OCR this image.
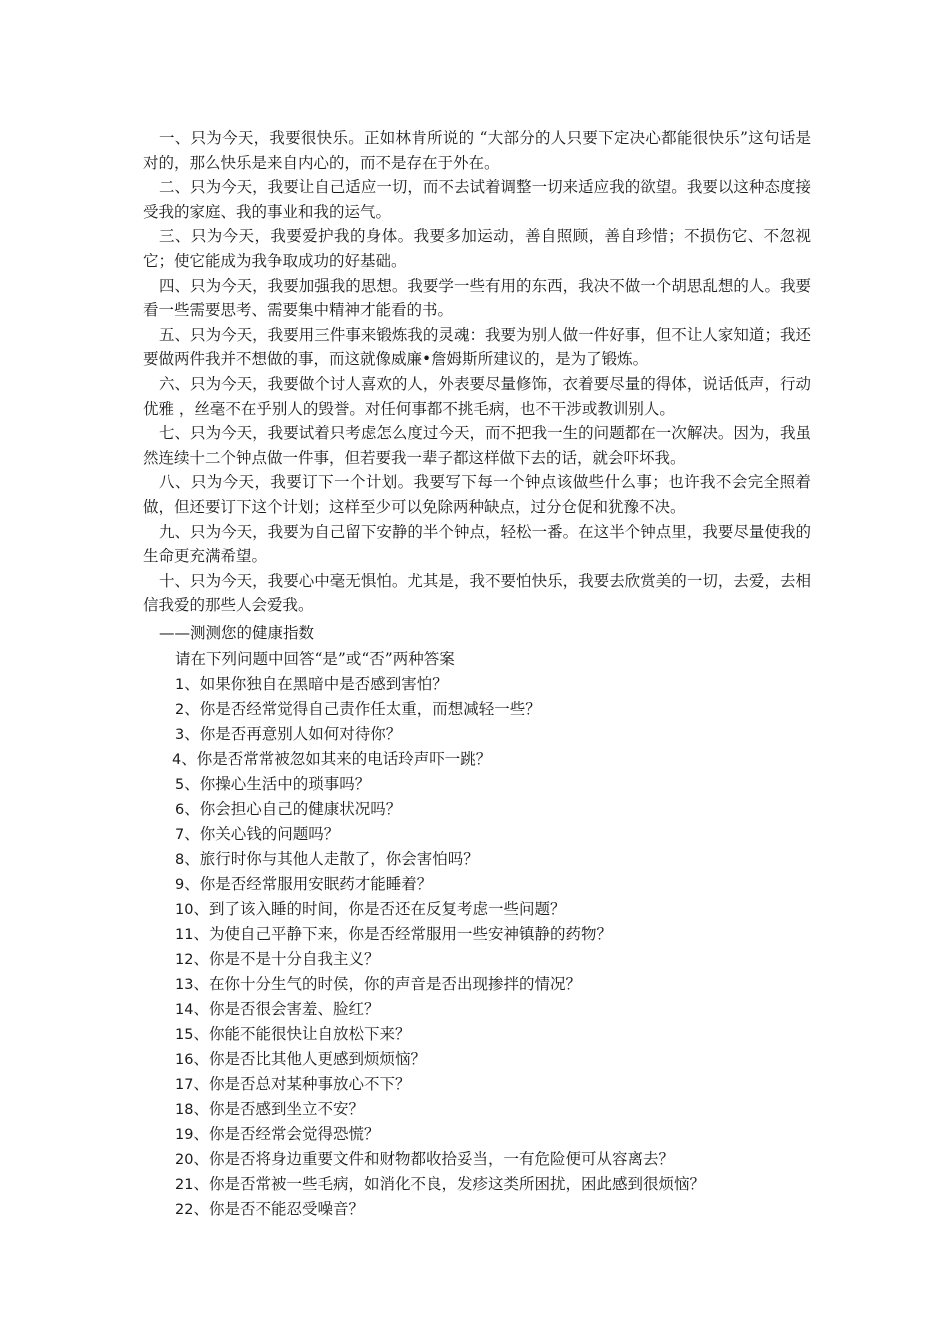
一、只为今天，我要很快乐。正如林肯所说的 “大部分的人只要下定决心都能很快乐”这句话是对的，那么快乐是来自内心的，而不是存在于外在。

二、只为今天，我要让自己适应一切，而不去试着调整一切来适应我的欲望。我要以这种态度接受我的家庭、我的事业和我的运气。

三、只为今天，我要爱护我的身体。我要多加运动，善自照顾，善自珍惜；不损伤它、不忽视它；使它能成为我争取成功的好基础。

四、只为今天，我要加强我的思想。我要学一些有用的东西，我决不做一个胡思乱想的人。我要看一些需要思考、需要集中精神才能看的书。

五、只为今天，我要用三件事来锻炼我的灵魂：我要为别人做一件好事，但不让人家知道；我还要做两件我并不想做的事，而这就像威廉•詹姆斯所建议的，是为了锻炼。

六、只为今天，我要做个讨人喜欢的人，外表要尽量修饰，衣着要尽量的得体，说话低声，行动优雅 ，丝毫不在乎别人的毁誉。对任何事都不挑毛病，也不干涉或教训别人。

七、只为今天，我要试着只考虑怎么度过今天，而不把我一生的问题都在一次解决。因为，我虽然连续十二个钟点做一件事，但若要我一辈子都这样做下去的话，就会吓坏我。

八、只为今天，我要订下一个计划。我要写下每一个钟点该做些什么事；也许我不会完全照着做，但还要订下这个计划；这样至少可以免除两种缺点，过分仓促和犹豫不决。

九、只为今天，我要为自己留下安静的半个钟点，轻松一番。在这半个钟点里，我要尽量使我的生命更充满希望。

十、只为今天，我要心中毫无惧怕。尤其是，我不要怕快乐，我要去欣赏美的一切，去爱，去相信我爱的那些人会爱我。

——测测您的健康指数

请在下列问题中回答“是”或“否”两种答案

1、如果你独自在黑暗中是否感到害怕？
2、你是否经常觉得自己责作任太重，而想减轻一些？
3、你是否再意别人如何对待你？
4、你是否常常被忽如其来的电话玲声吓一跳？
5、你操心生活中的琐事吗？
6、你会担心自己的健康状况吗？
7、你关心钱的问题吗？
8、旅行时你与其他人走散了，你会害怕吗？
9、你是否经常服用安眠药才能睡着？
10、到了该入睡的时间，你是否还在反复考虑一些问题？
11、为使自己平静下来，你是否经常服用一些安神镇静的药物？
12、你是不是十分自我主义？
13、在你十分生气的时侯，你的声音是否出现掺拌的情况？
14、你是否很会害羞、脸红？
15、你能不能很快让自放松下来？
16、你是否比其他人更感到烦烦恼？
17、你是否总对某种事放心不下？
18、你是否感到坐立不安？
19、你是否经常会觉得恐慌？
20、你是否将身边重要文件和财物都收拾妥当，一有危险便可从容离去？
21、你是否常被一些毛病，如消化不良，发疹这类所困扰，困此感到很烦恼？
22、你是否不能忍受噪音？
